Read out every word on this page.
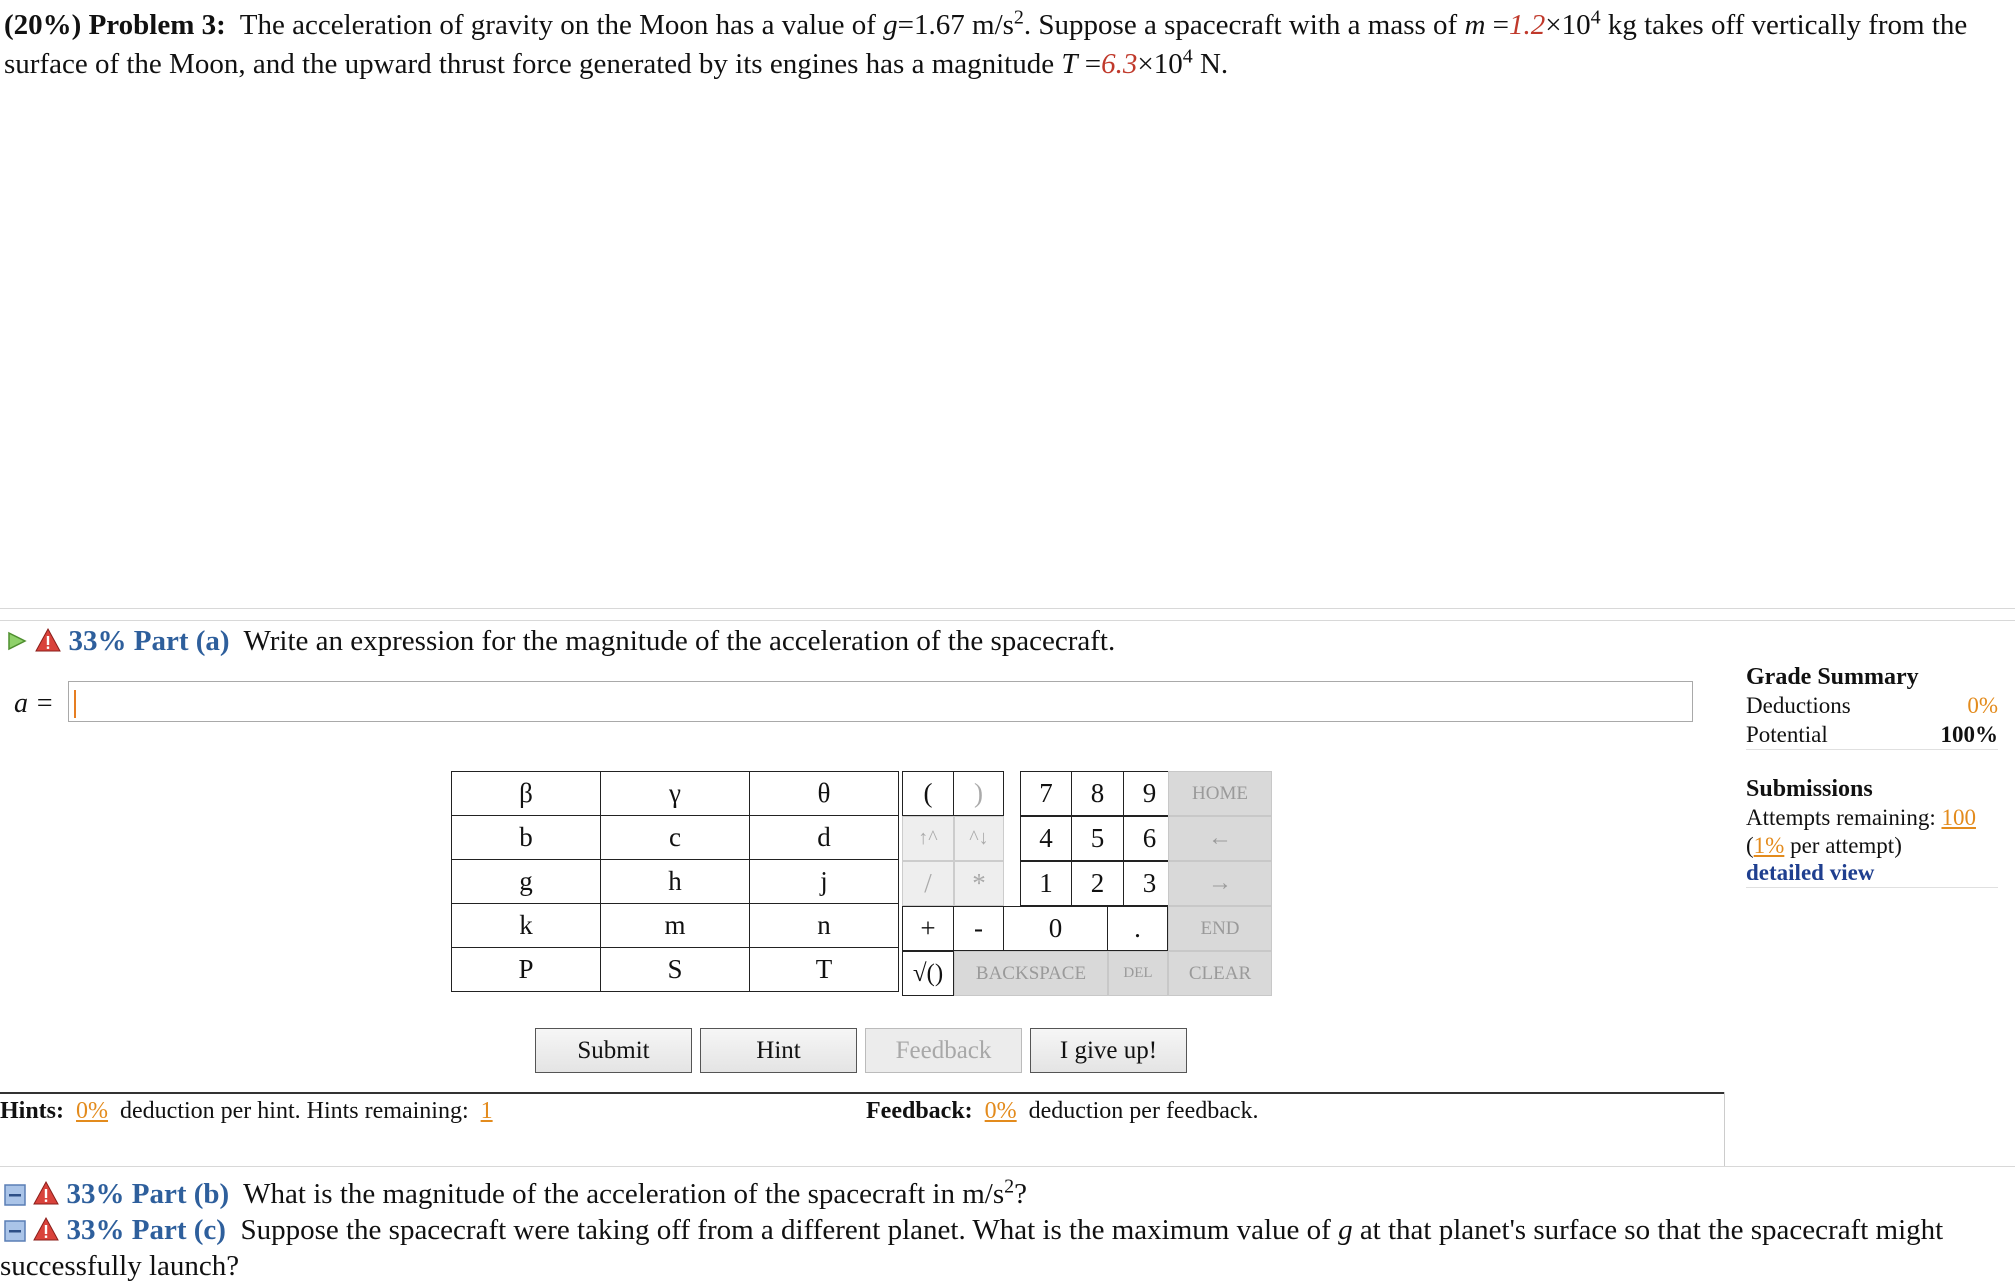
(20%) Problem 3: The acceleration of gravity on the Moon has a value of g=1.67 $m/s^2$. Suppose a spacecraft with a mass of $m =1.2\times 10^4$ kg takes off vertically from the surface of the Moon, and the upward thrust force generated by its engines has a magnitude $T =6.3\times 10^4$ N.
33% Part (a) Write an expression for the magnitude of the acceleration of the spacecraft.
a =
Grade Summary
Deductions	0%
Potential	100%
Submissions
Attempts remaining: 100
(1% per attempt)
detailed view
β	γ	θ
b	c	d
g	h	j
k	m	n
P	S	T
(	)	7	8	9	HOME
↑^	^↓	4	5	6	←
/	*	1	2	3	→
+	-	0	.	END
√()	BACKSPACE	DEL	CLEAR
Submit	Hint	Feedback	I give up!
Hints: 0% deduction per hint. Hints remaining: 1	Feedback: 0% deduction per feedback.
33% Part (b) What is the magnitude of the acceleration of the spacecraft in $m/s^2$?
33% Part (c) Suppose the spacecraft were taking off from a different planet. What is the maximum value of g at that planet's surface so that the spacecraft might
successfully launch?
